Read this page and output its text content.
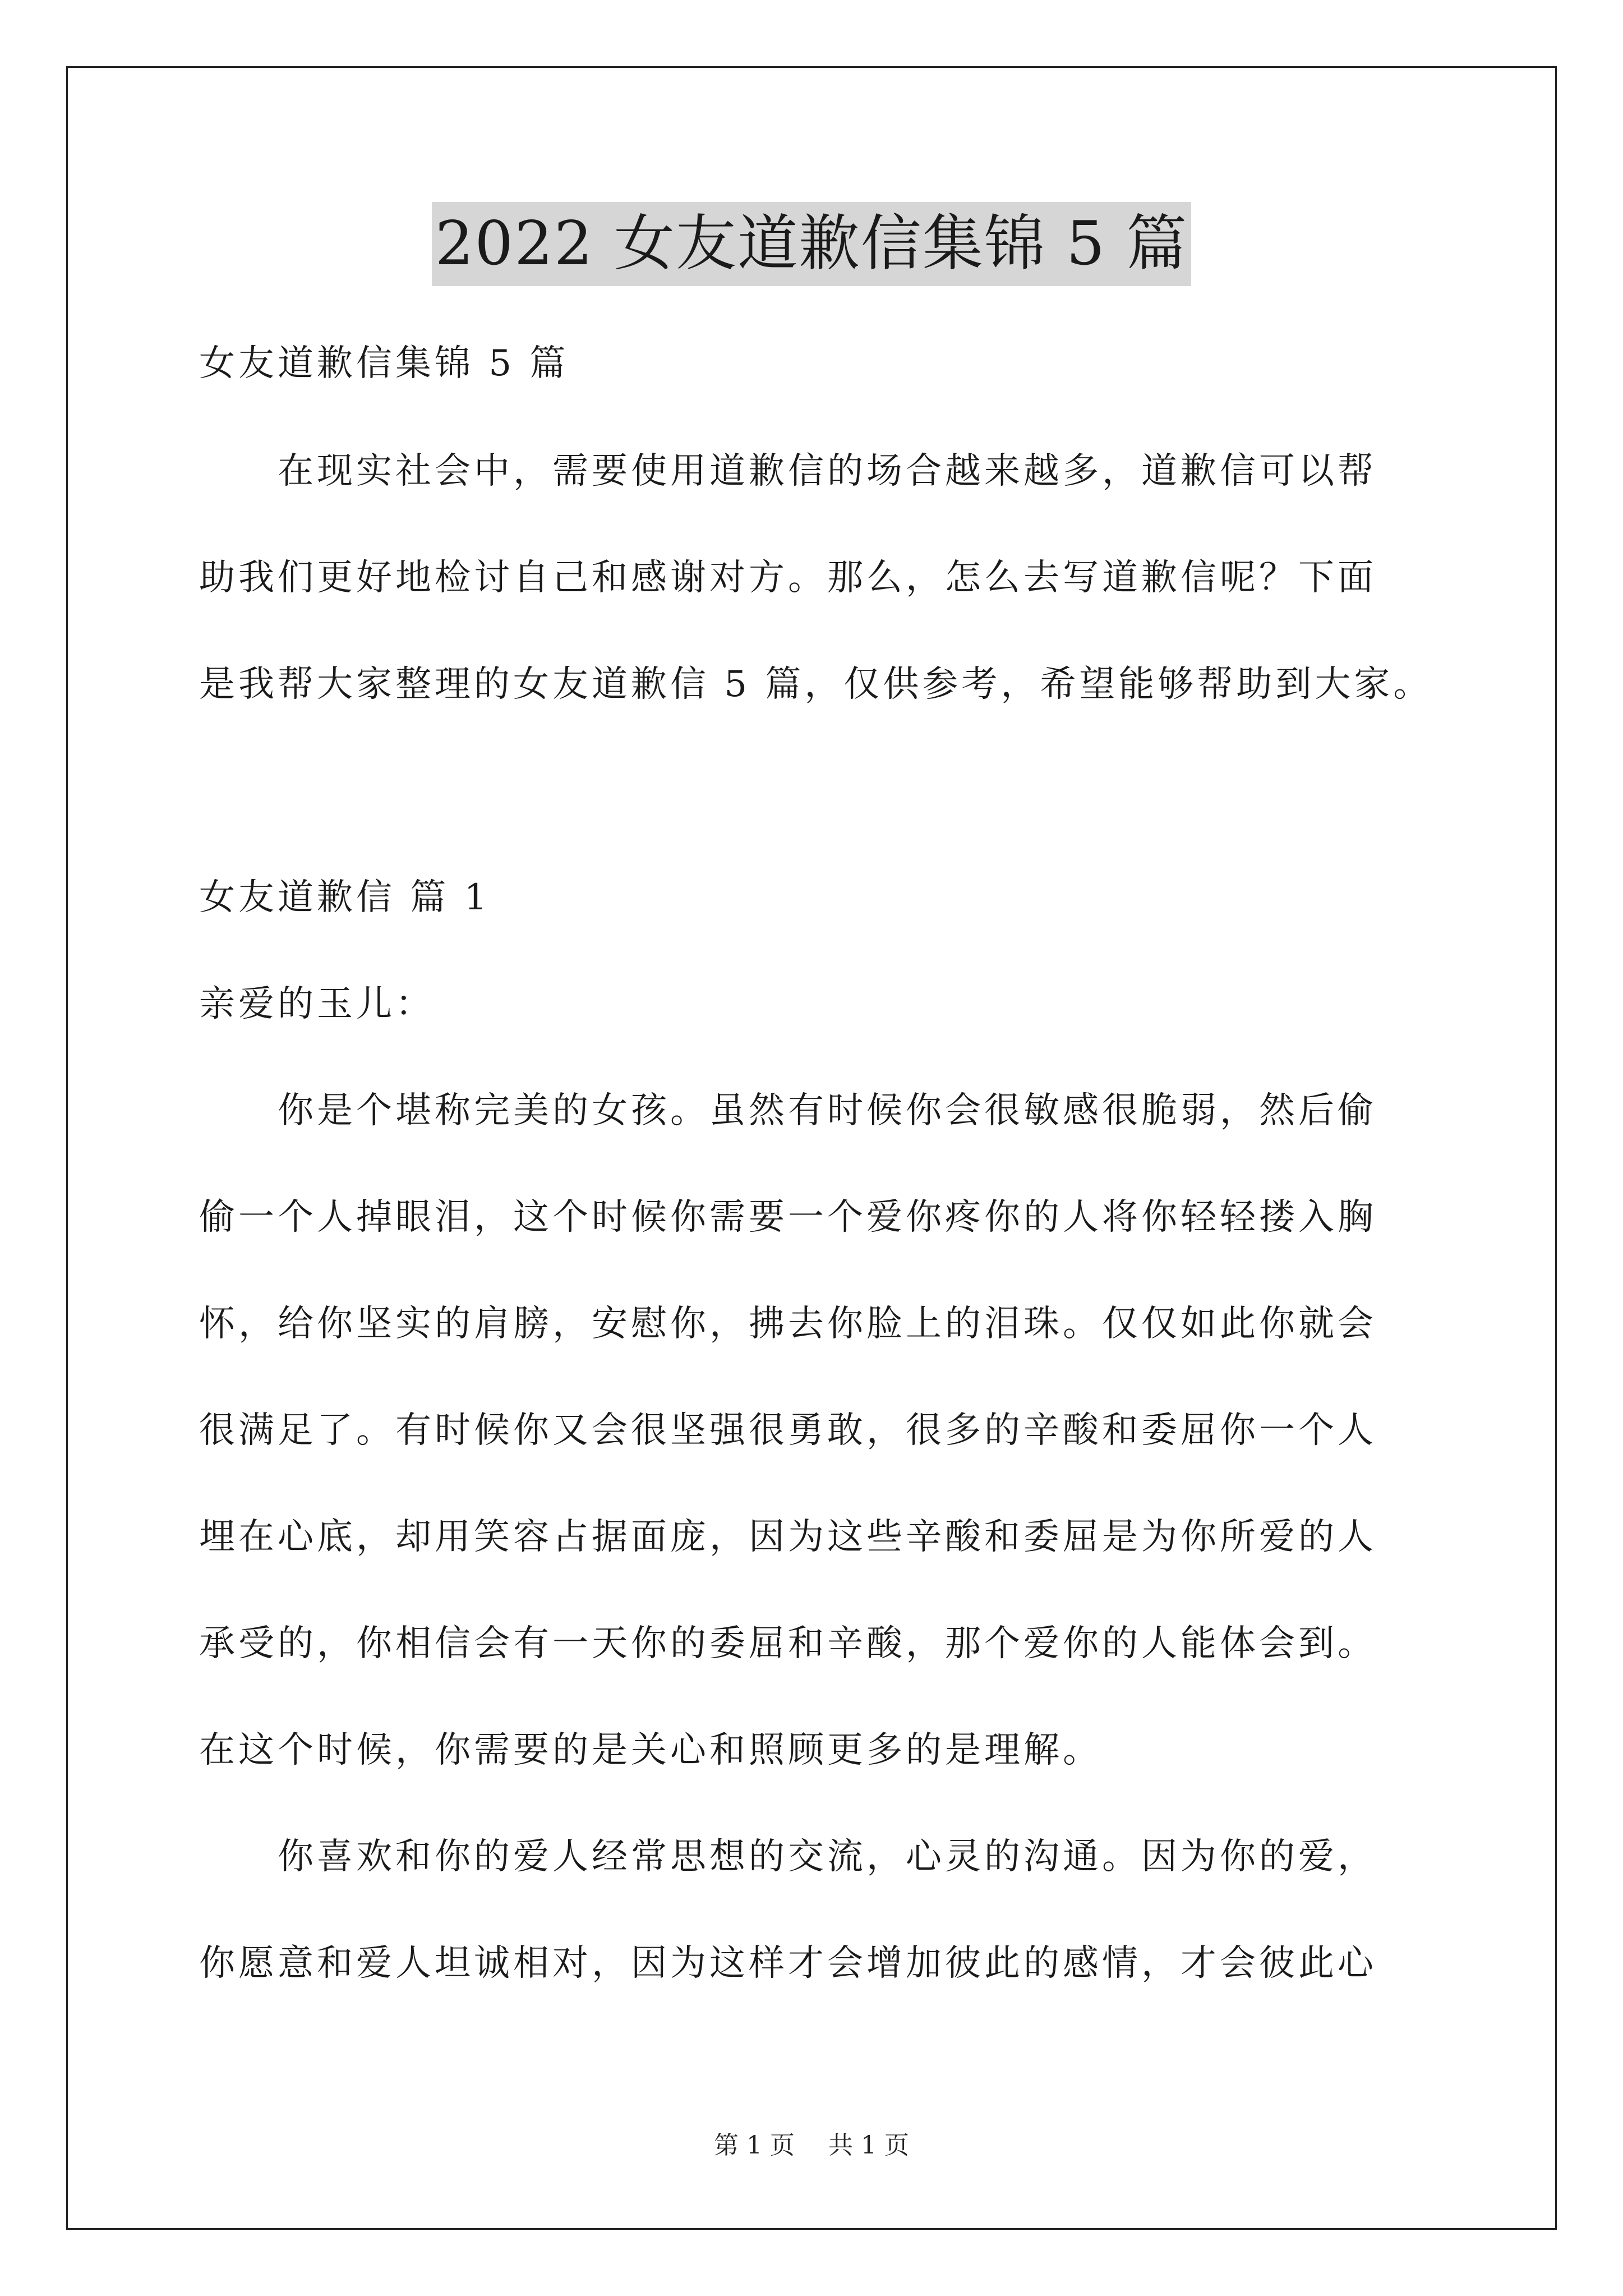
2022 女友道歉信集锦 5 篇
女友道歉信集锦 5 篇
　　在现实社会中，需要使用道歉信的场合越来越多，道歉信可以帮
助我们更好地检讨自己和感谢对方。那么，怎么去写道歉信呢？下面
是我帮大家整理的女友道歉信 5 篇，仅供参考，希望能够帮助到大家。
女友道歉信 篇 1
亲爱的玉儿：
　　你是个堪称完美的女孩。虽然有时候你会很敏感很脆弱，然后偷
偷一个人掉眼泪，这个时候你需要一个爱你疼你的人将你轻轻搂入胸
怀，给你坚实的肩膀，安慰你，拂去你脸上的泪珠。仅仅如此你就会
很满足了。有时候你又会很坚强很勇敢，很多的辛酸和委屈你一个人
埋在心底，却用笑容占据面庞，因为这些辛酸和委屈是为你所爱的人
承受的，你相信会有一天你的委屈和辛酸，那个爱你的人能体会到。
在这个时候，你需要的是关心和照顾更多的是理解。
　　你喜欢和你的爱人经常思想的交流，心灵的沟通。因为你的爱，
你愿意和爱人坦诚相对，因为这样才会增加彼此的感情，才会彼此心
第 1 页 共 1 页
